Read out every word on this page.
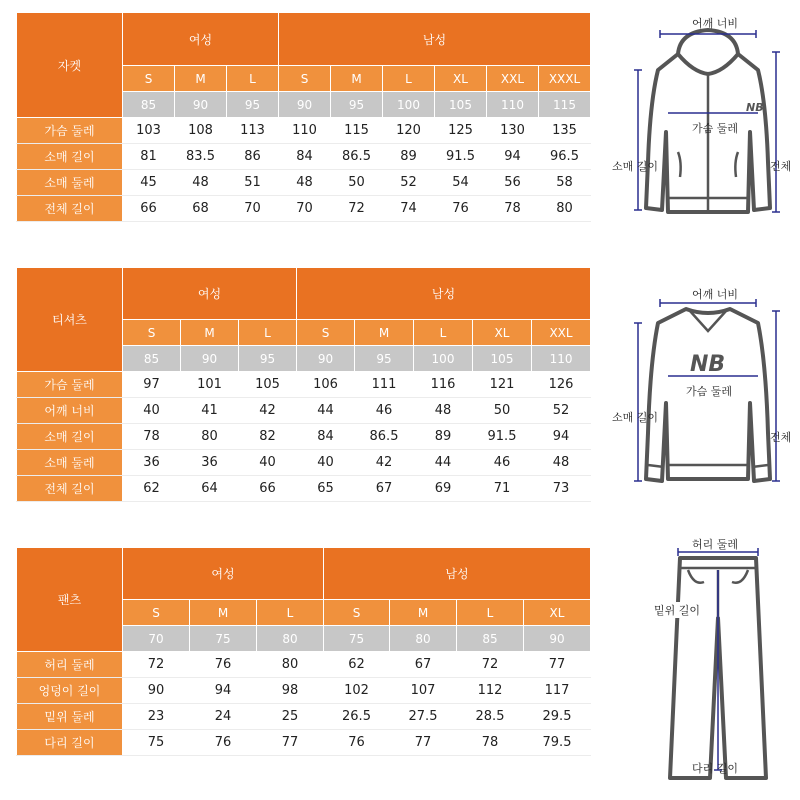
자켓	여성			남성					
	S	M	L	S	M	L	XL	XXL	XXXL
	85	90	95	90	95	100	105	110	115
가슴 둘레	103	108	113	110	115	120	125	130	135
소매 길이	81	83.5	86	84	86.5	89	91.5	94	96.5
소매 둘레	45	48	51	48	50	52	54	56	58
전체 길이	66	68	70	70	72	74	76	78	80
티셔츠	여성			남성				
	S	M	L	S	M	L	XL	XXL
	85	90	95	90	95	100	105	110
가슴 둘레	97	101	105	106	111	116	121	126
어깨 너비	40	41	42	44	46	48	50	52
소매 길이	78	80	82	84	86.5	89	91.5	94
소매 둘레	36	36	40	40	42	44	46	48
전체 길이	62	64	66	65	67	69	71	73
팬츠	여성			남성			
	S	M	L	S	M	L	XL
	70	75	80	75	80	85	90
허리 둘레	72	76	80	62	67	72	77
엉덩이 길이	90	94	98	102	107	112	117
밑위 둘레	23	24	25	26.5	27.5	28.5	29.5
다리 길이	75	76	77	76	77	78	79.5
NB
어깨 너비
가슴 둘레
소매 길이	전체
NB
어깨 너비
가슴 둘레
소매 길이
전체
허리 둘레
밑위 길이
다리 길이
